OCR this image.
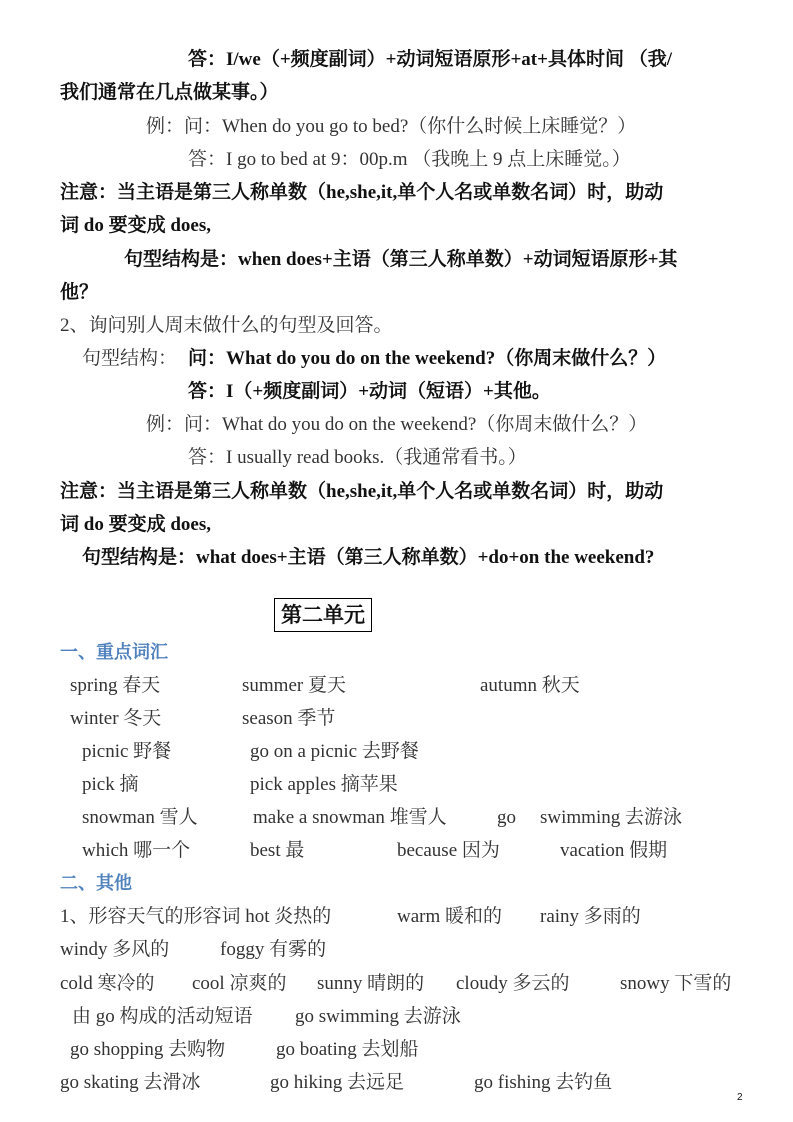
答：I/we（+频度副词）+动词短语原形+at+具体时间 （我/
我们通常在几点做某事。）
例：问：When do you go to bed?（你什么时候上床睡觉？）
答：I go to bed at 9：00p.m （我晚上 9 点上床睡觉。）
注意：当主语是第三人称单数（he,she,it,单个人名或单数名词）时，助动
词 do 要变成 does,
句型结构是：when does+主语（第三人称单数）+动词短语原形+其
他？
2、询问别人周末做什么的句型及回答。
句型结构： 问：What do you do on the weekend?（你周末做什么？）
答：I（+频度副词）+动词（短语）+其他。
例：问：What do you do on the weekend?（你周末做什么？）
答：I usually read books.（我通常看书。）
注意：当主语是第三人称单数（he,she,it,单个人名或单数名词）时，助动
词 do 要变成 does,
句型结构是：what does+主语（第三人称单数）+do+on the weekend?
第二单元
一、重点词汇
spring 春天	summer 夏天	autumn 秋天
winter 冬天	season 季节
picnic 野餐	go on a picnic 去野餐
pick 摘	pick apples 摘苹果
snowman 雪人	make a snowman 堆雪人	go swimming 去游泳
which 哪一个	best 最	because 因为	vacation 假期
二、其他
1、形容天气的形容词 hot 炎热的	warm 暖和的 rainy 多雨的
windy 多风的	foggy 有雾的
cold 寒冷的 cool 凉爽的 sunny 晴朗的 cloudy 多云的	snowy 下雪的
由 go 构成的活动短语 go swimming 去游泳
go shopping 去购物	go boating 去划船
go skating 去滑冰	go hiking 去远足	go fishing 去钓鱼
2
